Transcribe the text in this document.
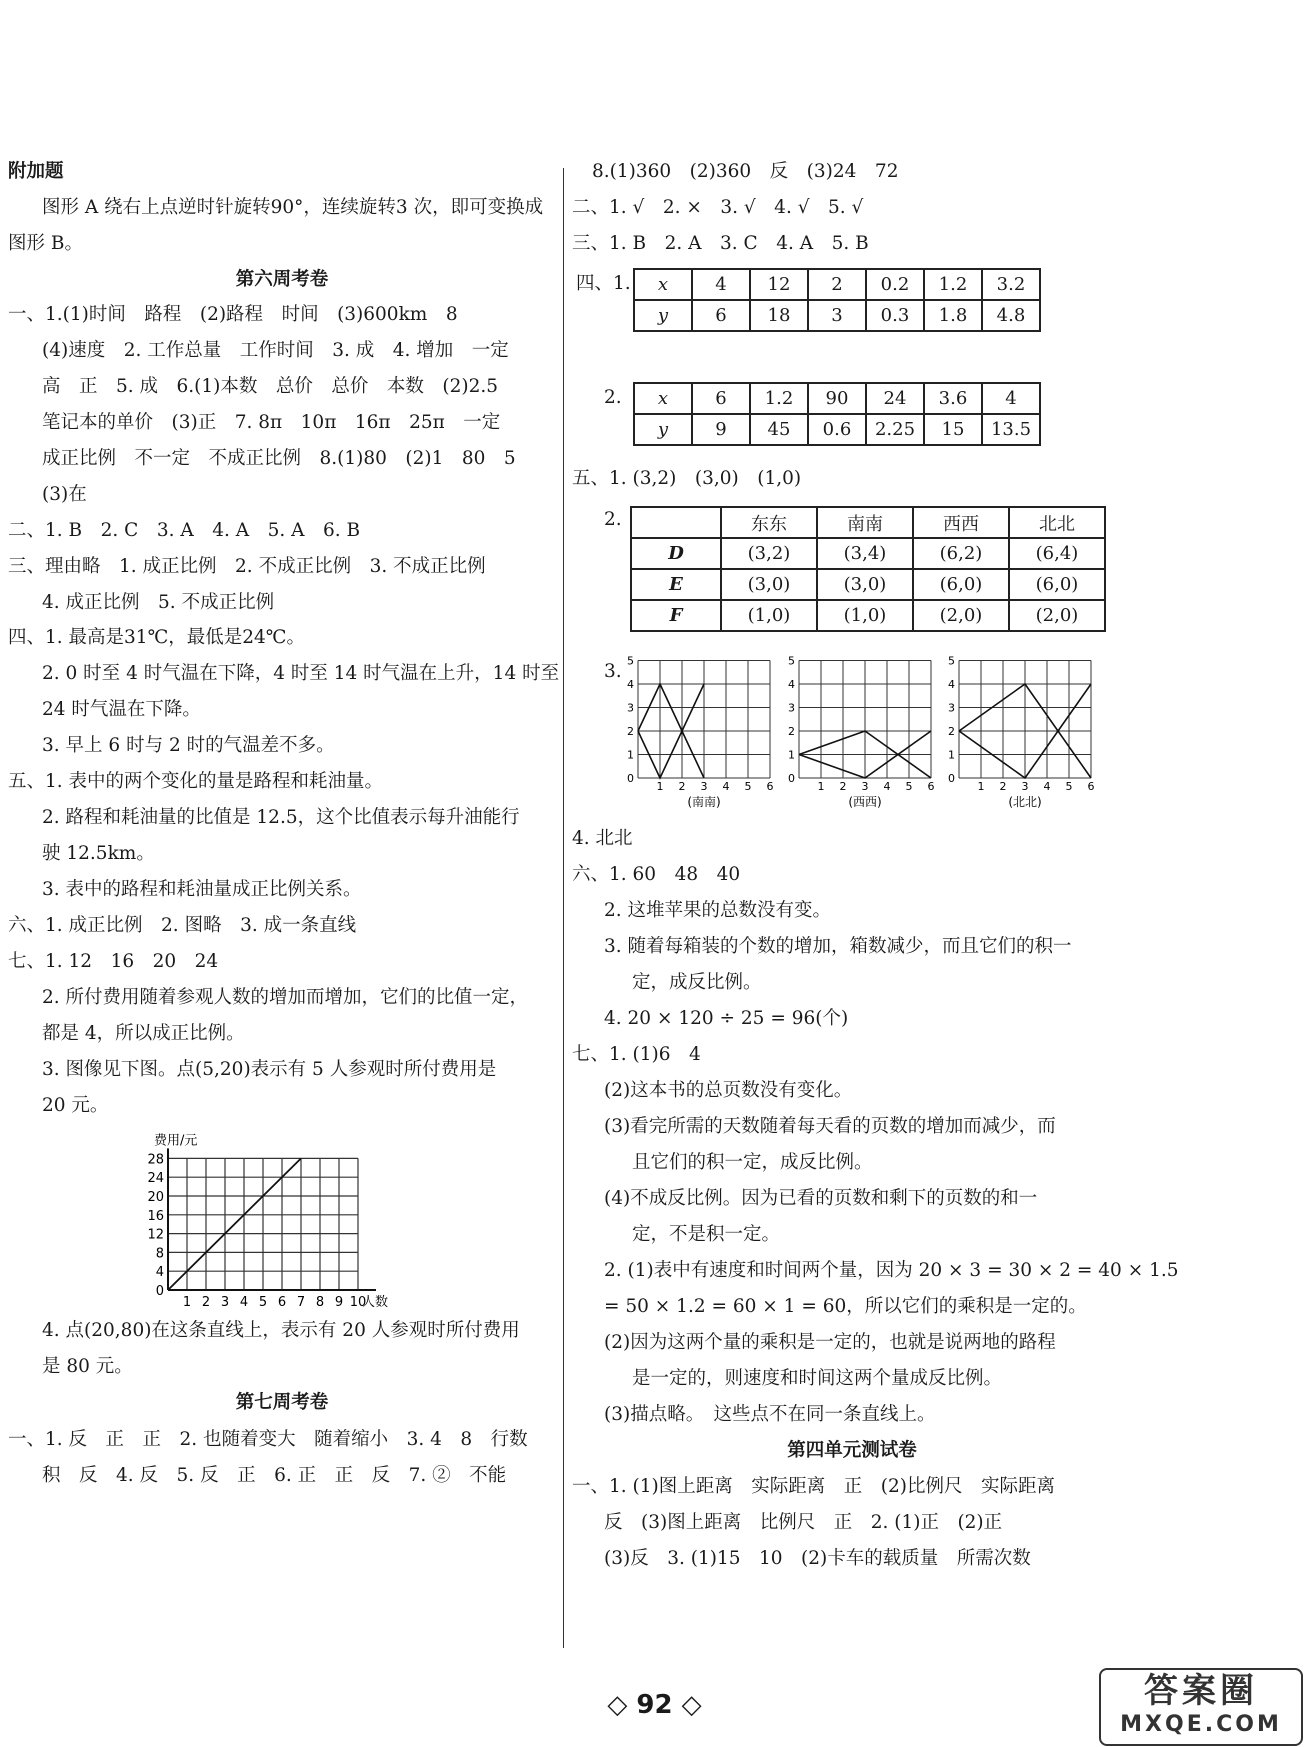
◇ 92 ◇	答案圈
MXQE.COM
附加题
图形 A 绕右上点逆时针旋转90°，连续旋转3 次，即可变换成
图形 B。
第六周考卷
一、1.(1)时间　路程　(2)路程　时间　(3)600km　8
(4)速度　2. 工作总量　工作时间　3. 成　4. 增加　一定
高　正　5. 成　6.(1)本数　总价　总价　本数　(2)2.5
笔记本的单价　(3)正　7. 8π　10π　16π　25π　一定
成正比例　不一定　不成正比例　8.(1)80　(2)1　80　5
(3)在
二、1. B　2. C　3. A　4. A　5. A　6. B
三、理由略　1. 成正比例　2. 不成正比例　3. 不成正比例
4. 成正比例　5. 不成正比例
四、1. 最高是31℃，最低是24℃。
2. 0 时至 4 时气温在下降，4 时至 14 时气温在上升，14 时至
24 时气温在下降。
3. 早上 6 时与 2 时的气温差不多。
五、1. 表中的两个变化的量是路程和耗油量。
2. 路程和耗油量的比值是 12.5，这个比值表示每升油能行
驶 12.5km。
3. 表中的路程和耗油量成正比例关系。
六、1. 成正比例　2. 图略　3. 成一条直线
七、1. 12　16　20　24
2. 所付费用随着参观人数的增加而增加，它们的比值一定，
都是 4，所以成正比例。
3. 图像见下图。点(5,20)表示有 5 人参观时所付费用是
20 元。
4. 点(20,80)在这条直线上，表示有 20 人参观时所付费用
是 80 元。
第七周考卷
一、1. 反　正　正　2. 也随着变大　随着缩小　3. 4　8　行数
积　反　4. 反　5. 反　正　6. 正　正　反　7. ②　不能
1 2 3 4 5 6 7 8 9 10
0
4
8
12
16
20
24
28
人数
费用/元
8.(1)360　(2)360　反　(3)24　72
二、1. √　2. ×　3. √　4. √　5. √
三、1. B　2. A　3. C　4. A　5. B
四、1. x	4	12	2	0.2	1.2	3.2
y	6	18	3	0.3	1.8	4.8
2. x	6	1.2	90	24	3.6	4
y	9	45	0.6	2.25	15	13.5
五、1. (3,2)　(3,0)　(1,0)
2.
		东东	南南	西西	北北
D	(3,2)	(3,4)	(6,2)	(6,4)
E	(3,0)	(3,0)	(6,0)	(6,0)
F	(1,0)	(1,0)	(2,0)	(2,0)
3.
1 2 3 4 5 6
0
1
2
3
4
5
(南南)
1 2 3 4 5 6
0
1
2
3
4
5
(西西)
1 2 3 4 5 6
0
1
2
3
4
5
(北北)
4. 北北
六、1. 60　48　40
2. 这堆苹果的总数没有变。
3. 随着每箱装的个数的增加，箱数减少，而且它们的积一
定，成反比例。
4. 20 × 120 ÷ 25 = 96(个)
七、1. (1)6　4
(2)这本书的总页数没有变化。
(3)看完所需的天数随着每天看的页数的增加而减少，而
且它们的积一定，成反比例。
(4)不成反比例。因为已看的页数和剩下的页数的和一
定，不是积一定。
2. (1)表中有速度和时间两个量，因为 20 × 3 = 30 × 2 = 40 × 1.5
= 50 × 1.2 = 60 × 1 = 60，所以它们的乘积是一定的。
(2)因为这两个量的乘积是一定的，也就是说两地的路程
是一定的，则速度和时间这两个量成反比例。
(3)描点略。　这些点不在同一条直线上。
第四单元测试卷
一、1. (1)图上距离　实际距离　正　(2)比例尺　实际距离
反　(3)图上距离　比例尺　正　2. (1)正　(2)正
(3)反　3. (1)15　10　(2)卡车的载质量　所需次数
